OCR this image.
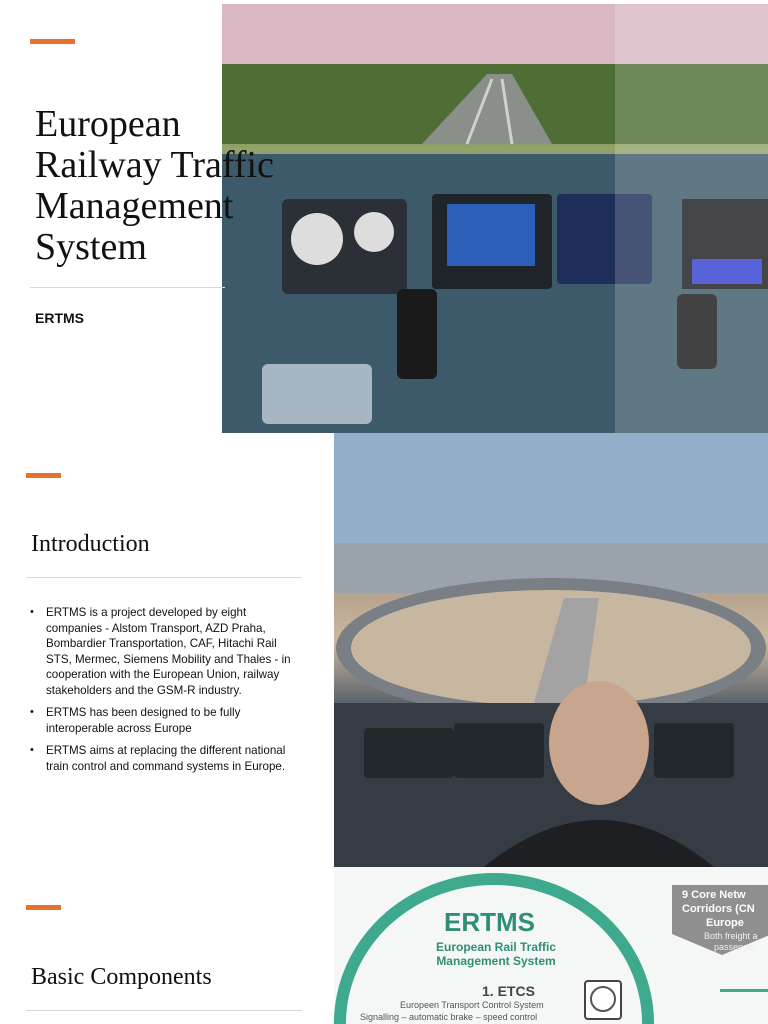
European Railway Traffic Management System

ERTMS

Introduction
• ERTMS is a project developed by eight companies - Alstom Transport, AZD Praha, Bombardier Transportation, CAF, Hitachi Rail STS, Mermec, Siemens Mobility and Thales - in cooperation with the European Union, railway stakeholders and the GSM-R industry.
• ERTMS has been designed to be fully interoperable across Europe
• ERTMS aims at replacing the different national train control and command systems in Europe.
Basic Components

ERTMS

European Rail Traffic Management System

1. ETCS

Europeen Transport Control System

Signalling – automatic brake – speed control

9 Core Netw

Corridors (CN

Europe

Both freight a

passenger
